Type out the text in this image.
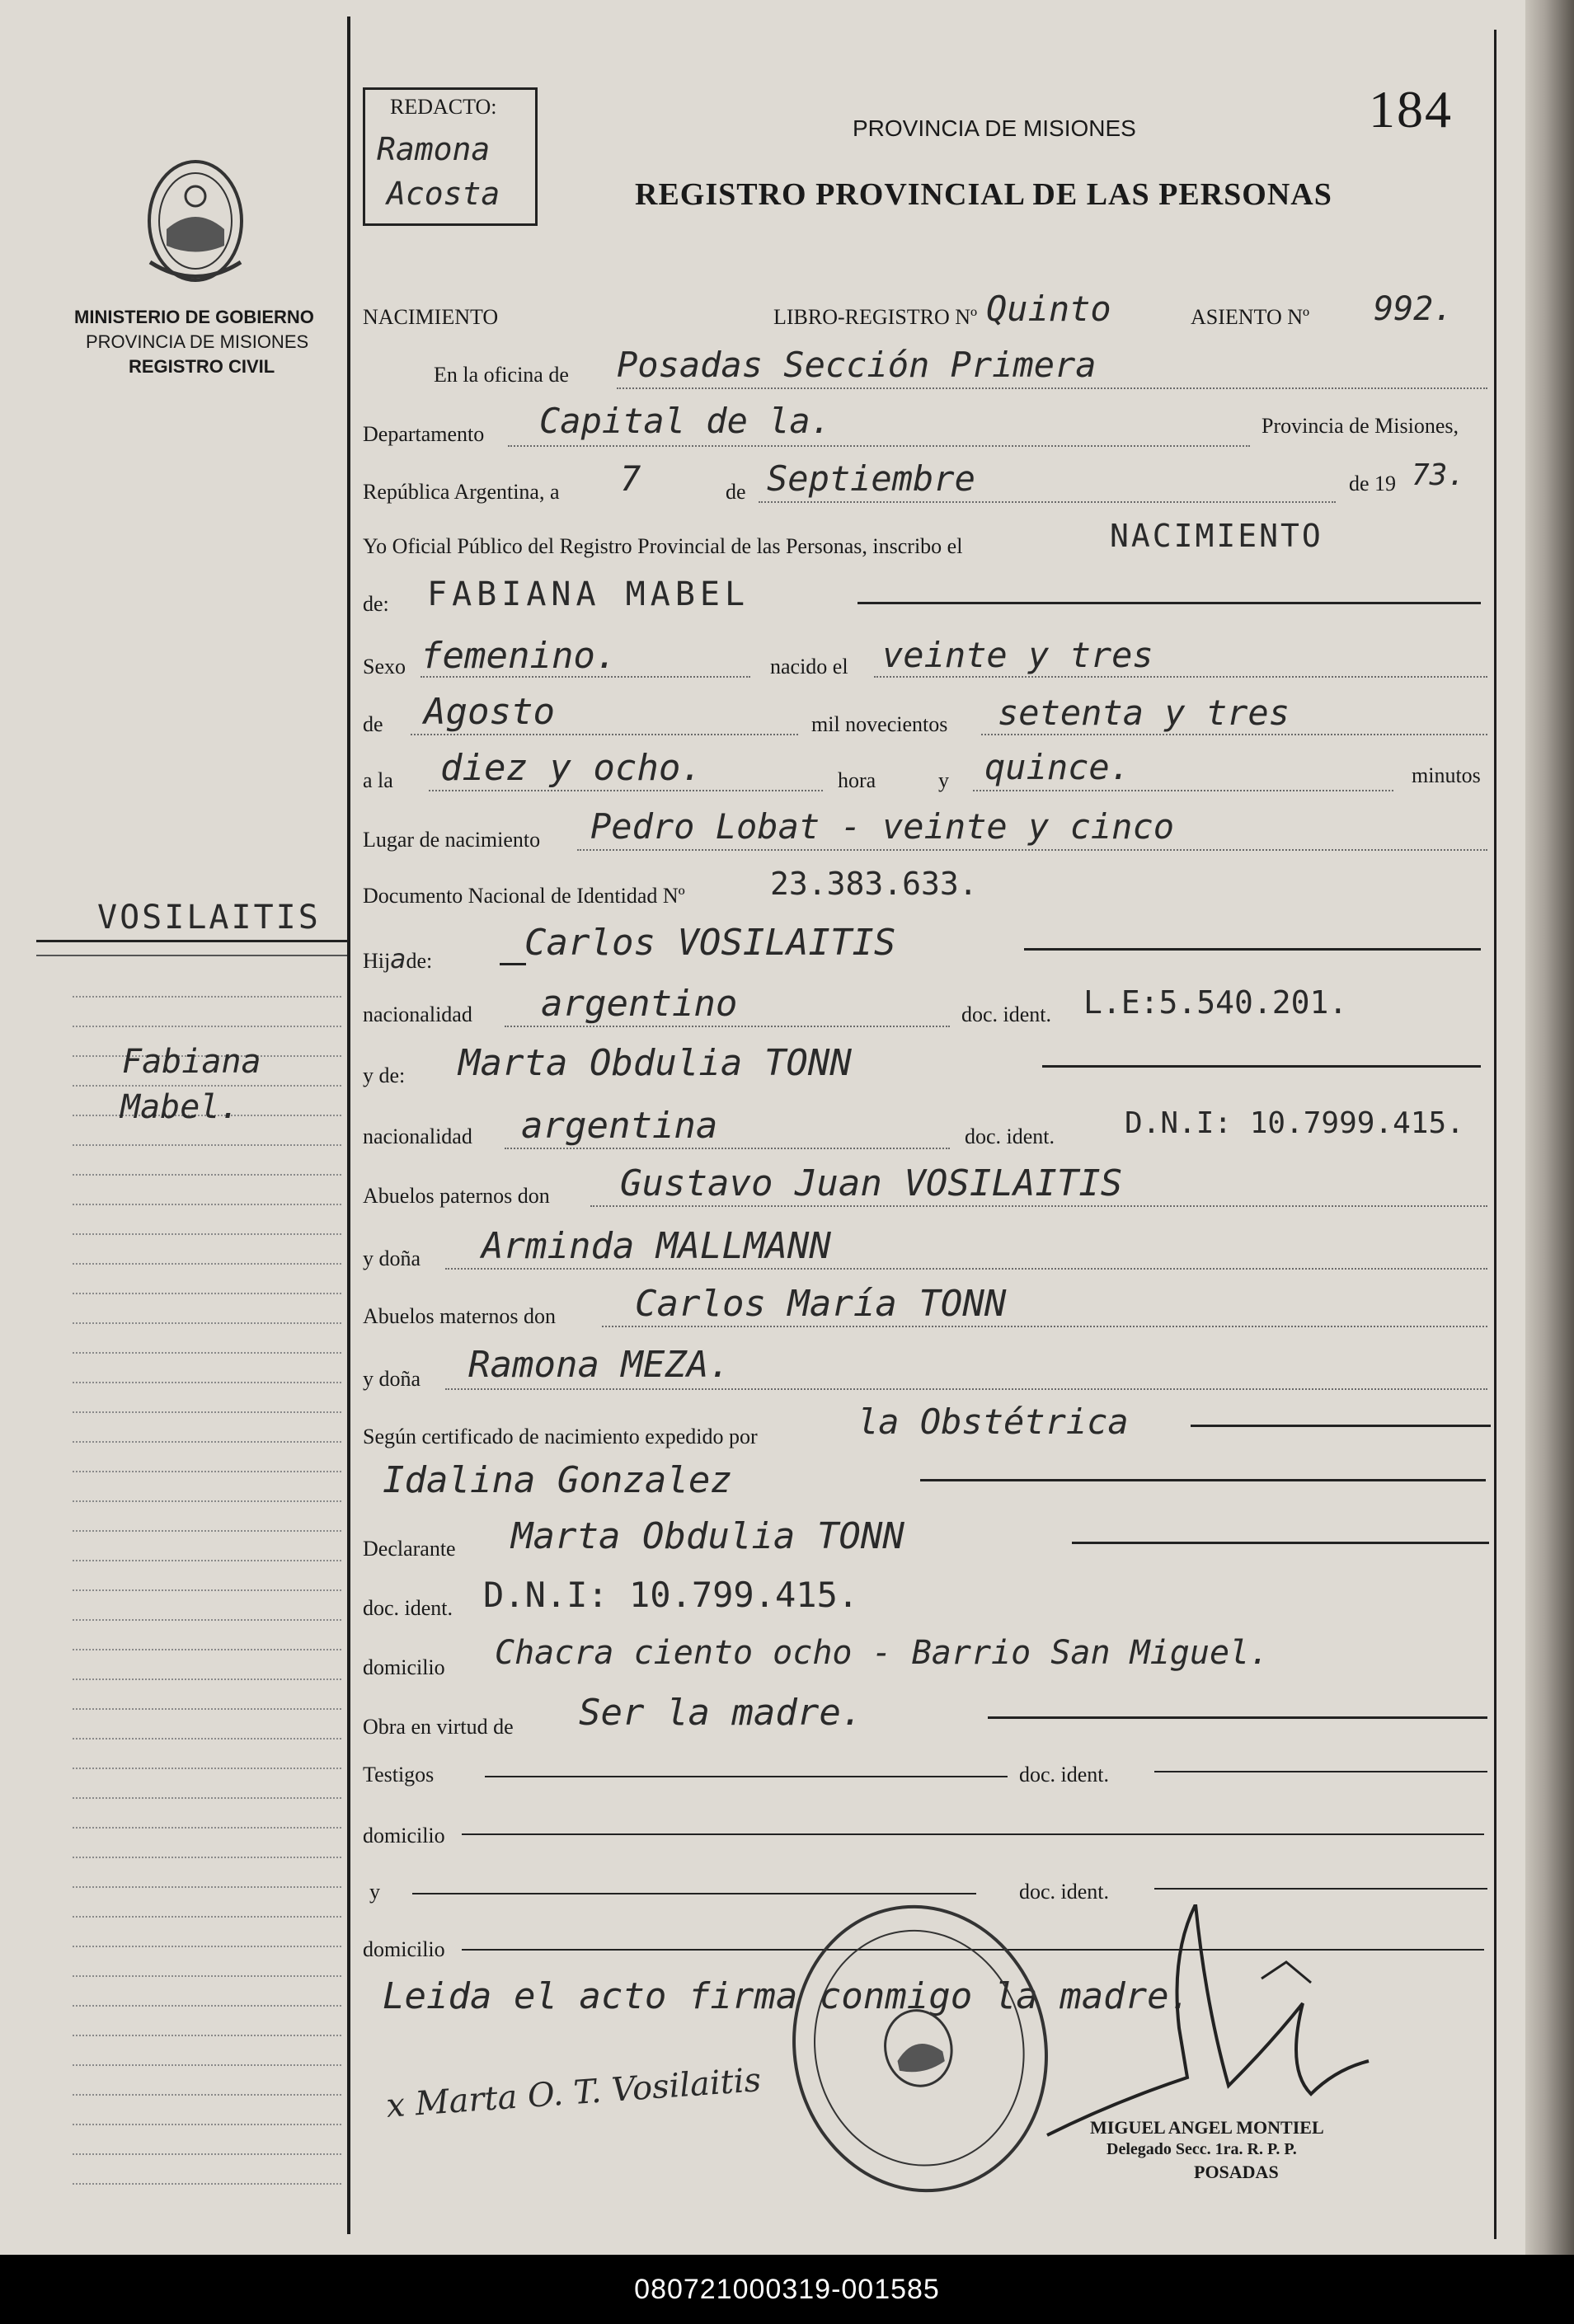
MINISTERIO DE GOBIERNO
PROVINCIA DE MISIONES
REGISTRO CIVIL
VOSILAITIS
Fabiana
Mabel.
REDACTO:
Ramona
Acosta
PROVINCIA DE MISIONES
REGISTRO PROVINCIAL DE LAS PERSONAS
184
NACIMIENTO	LIBRO-REGISTRO Nº Quinto	ASIENTO Nº 992.
En la oficina de Posadas Sección Primera
Departamento Capital de la.	Provincia de Misiones,
República Argentina, a 7	de Septiembre	de 19 73.
Yo Oficial Público del Registro Provincial de las Personas, inscribo el	NACIMIENTO
de: FABIANA MABEL
Sexo femenino.	nacido el veinte y tres
de Agosto	mil novecientos setenta y tres
a la diez y ocho.	hora	y quince.	minutos
Lugar de nacimiento Pedro Lobat - veinte y cinco
Documento Nacional de Identidad Nº	23.383.633.
Hijade:	Carlos VOSILAITIS
nacionalidad argentino	doc. ident. L.E:5.540.201.
y de: Marta Obdulia TONN
nacionalidad argentina	doc. ident. D.N.I: 10.7999.415.
Abuelos paternos don Gustavo Juan VOSILAITIS
y doña Arminda MALLMANN
Abuelos maternos don Carlos María TONN
y doña Ramona MEZA.
Según certificado de nacimiento expedido por	la Obstétrica
Idalina Gonzalez
Declarante Marta Obdulia TONN
doc. ident. D.N.I: 10.799.415.
domicilio Chacra ciento ocho - Barrio San Miguel.
Obra en virtud de Ser la madre.
Testigos	doc. ident.
domicilio
y	doc. ident.
domicilio
Leida el acto firma conmigo la madre.
x Marta O. T. Vosilaitis
MIGUEL ANGEL MONTIEL
Delegado Secc. 1ra. R. P. P.
POSADAS
080721000319-001585
